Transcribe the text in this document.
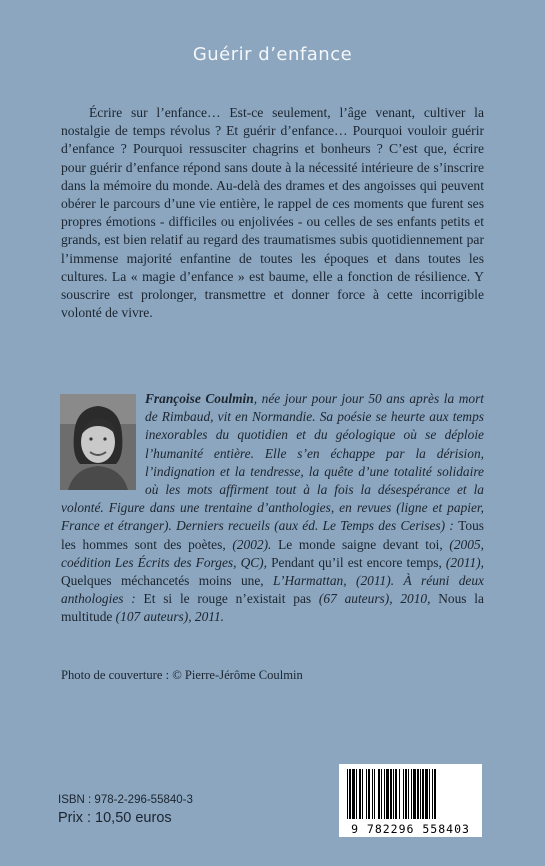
Guérir d’enfance

Écrire sur l’enfance… Est-ce seulement, l’âge venant, cultiver la nostalgie de temps révolus ? Et guérir d’enfance… Pourquoi vouloir guérir d’enfance ? Pourquoi ressusciter chagrins et bonheurs ? C’est que, écrire pour guérir d’enfance répond sans doute à la nécessité intérieure de s’inscrire dans la mémoire du monde. Au-delà des drames et des angoisses qui peuvent obérer le parcours d’une vie entière, le rappel de ces moments que furent ses propres émotions - difficiles ou enjolivées - ou celles de ses enfants petits et grands, est bien relatif au regard des traumatismes subis quotidiennement par l’immense majorité enfantine de toutes les époques et dans toutes les cultures. La « magie d’enfance » est baume, elle a fonction de résilience. Y souscrire est prolonger, transmettre et donner force à cette incorrigible volonté de vivre.

Françoise Coulmin, née jour pour jour 50 ans après la mort de Rimbaud, vit en Normandie. Sa poésie se heurte aux temps inexorables du quotidien et du géologique où se déploie l’humanité entière. Elle s’en échappe par la dérision, l’indignation et la tendresse, la quête d’une totalité solidaire où les mots affirment tout à la fois la désespérance et la volonté. Figure dans une trentaine d’anthologies, en revues (ligne et papier, France et étranger). Derniers recueils (aux éd. Le Temps des Cerises) : Tous les hommes sont des poètes, (2002). Le monde saigne devant toi, (2005, coédition Les Écrits des Forges, QC), Pendant qu’il est encore temps, (2011), Quelques méchancetés moins une, L’Harmattan, (2011). À réuni deux anthologies : Et si le rouge n’existait pas (67 auteurs), 2010, Nous la multitude (107 auteurs), 2011.
Photo de couverture : © Pierre-Jérôme Coulmin
ISBN : 978-2-296-55840-3
Prix : 10,50 euros
9 782296 558403
